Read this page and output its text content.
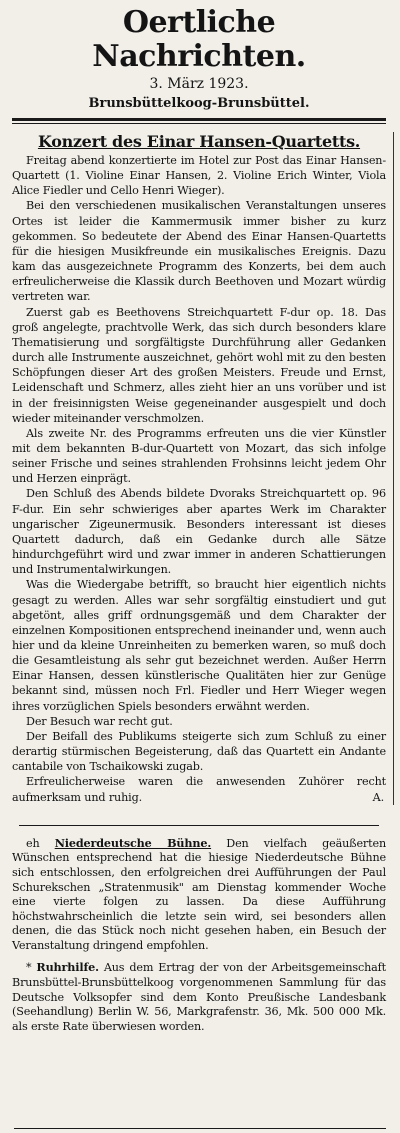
Oertliche Nachrichten.

3. März 1923.

Brunsbüttelkoog-Brunsbüttel.

Konzert des Einar Hansen-Quartetts.

Freitag abend konzertierte im Hotel zur Post das Einar Hansen-Quartett (1. Violine Einar Hansen, 2. Violine Erich Winter, Viola Alice Fiedler und Cello Henri Wieger).

Bei den verschiedenen musikalischen Veranstaltungen unseres Ortes ist leider die Kammermusik immer bisher zu kurz gekommen. So bedeutete der Abend des Einar Hansen-Quartetts für die hiesigen Musikfreunde ein musikalisches Ereignis. Dazu kam das ausgezeichnete Programm des Konzerts, bei dem auch erfreulicherweise die Klassik durch Beethoven und Mozart würdig vertreten war.

Zuerst gab es Beethovens Streichquartett F-dur op. 18. Das groß angelegte, prachtvolle Werk, das sich durch besonders klare Thematisierung und sorgfältigste Durchführung aller Gedanken durch alle Instrumente auszeichnet, gehört wohl mit zu den besten Schöpfungen dieser Art des großen Meisters. Freude und Ernst, Leidenschaft und Schmerz, alles zieht hier an uns vorüber und ist in der freisinnigsten Weise gegeneinander ausgespielt und doch wieder miteinander verschmolzen.

Als zweite Nr. des Programms erfreuten uns die vier Künstler mit dem bekannten B-dur-Quartett von Mozart, das sich infolge seiner Frische und seines strahlenden Frohsinns leicht jedem Ohr und Herzen einprägt.

Den Schluß des Abends bildete Dvoraks Streichquartett op. 96 F-dur. Ein sehr schwieriges aber apartes Werk im Charakter ungarischer Zigeunermusik. Besonders interessant ist dieses Quartett dadurch, daß ein Gedanke durch alle Sätze hindurchgeführt wird und zwar immer in anderen Schattierungen und Instrumentalwirkungen.

Was die Wiedergabe betrifft, so braucht hier eigentlich nichts gesagt zu werden. Alles war sehr sorgfältig einstudiert und gut abgetönt, alles griff ordnungsgemäß und dem Charakter der einzelnen Kompositionen entsprechend ineinander und, wenn auch hier und da kleine Unreinheiten zu bemerken waren, so muß doch die Gesamtleistung als sehr gut bezeichnet werden. Außer Herrn Einar Hansen, dessen künstlerische Qualitäten hier zur Genüge bekannt sind, müssen noch Frl. Fiedler und Herr Wieger wegen ihres vorzüglichen Spiels besonders erwähnt werden.

Der Besuch war recht gut.

Der Beifall des Publikums steigerte sich zum Schluß zu einer derartig stürmischen Begeisterung, daß das Quartett ein Andante cantabile von Tschaikowski zugab.

Erfreulicherweise waren die anwesenden Zuhörer recht aufmerksam und ruhig.	A.

eh Niederdeutsche Bühne. Den vielfach geäußerten Wünschen entsprechend hat die hiesige Niederdeutsche Bühne sich entschlossen, den erfolgreichen drei Aufführungen der Paul Schurekschen „Stratenmusik" am Dienstag kommender Woche eine vierte folgen zu lassen. Da diese Aufführung höchstwahrscheinlich die letzte sein wird, sei besonders allen denen, die das Stück noch nicht gesehen haben, ein Besuch der Veranstaltung dringend empfohlen.

* Ruhrhilfe. Aus dem Ertrag der von der Arbeitsgemeinschaft Brunsbüttel-Brunsbüttelkoog vorgenommenen Sammlung für das Deutsche Volksopfer sind dem Konto Preußische Landesbank (Seehandlung) Berlin W. 56, Markgrafenstr. 36, Mk. 500 000 Mk. als erste Rate überwiesen worden.
